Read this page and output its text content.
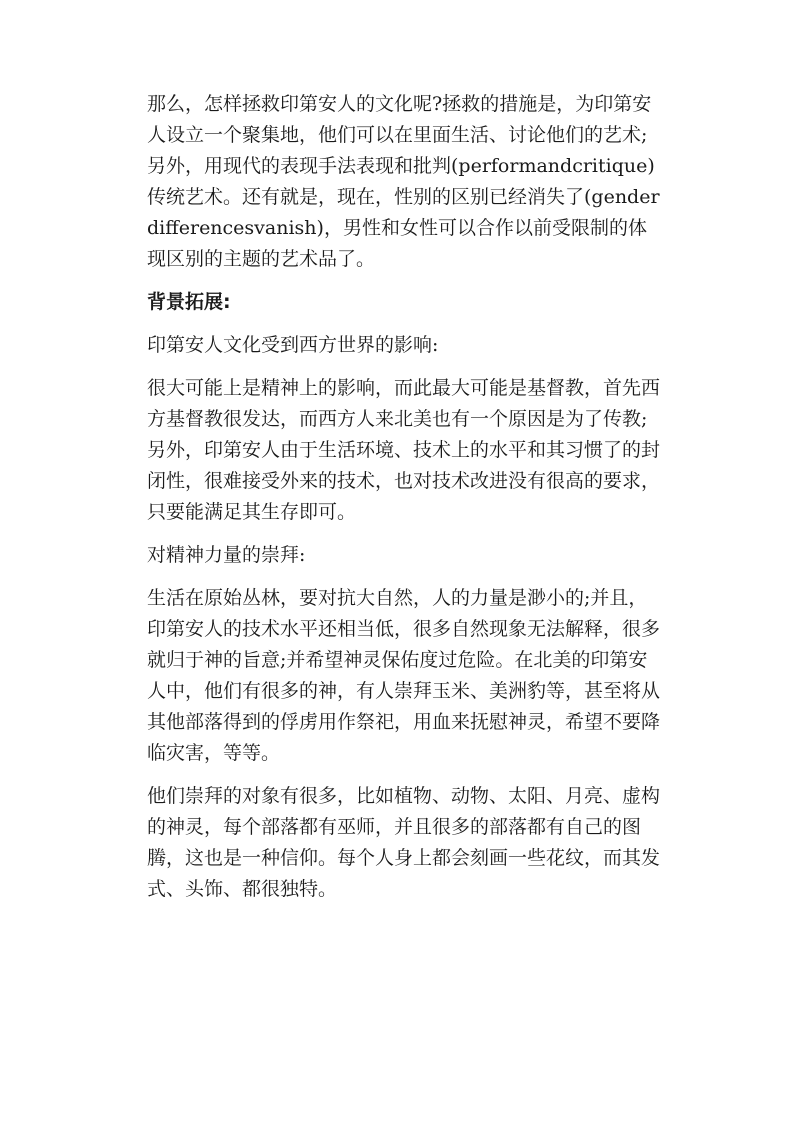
那么，怎样拯救印第安人的文化呢?拯救的措施是，为印第安人设立一个聚集地，他们可以在里面生活、讨论他们的艺术;另外，用现代的表现手法表现和批判(performandcritique)传统艺术。还有就是，现在，性别的区别已经消失了(genderdifferencesvanish)，男性和女性可以合作以前受限制的体现区别的主题的艺术品了。

背景拓展:

印第安人文化受到西方世界的影响:

很大可能上是精神上的影响，而此最大可能是基督教，首先西方基督教很发达，而西方人来北美也有一个原因是为了传教;另外，印第安人由于生活环境、技术上的水平和其习惯了的封闭性，很难接受外来的技术，也对技术改进没有很高的要求，只要能满足其生存即可。

对精神力量的崇拜:

生活在原始丛林，要对抗大自然，人的力量是渺小的;并且，印第安人的技术水平还相当低，很多自然现象无法解释，很多就归于神的旨意;并希望神灵保佑度过危险。在北美的印第安人中，他们有很多的神，有人崇拜玉米、美洲豹等，甚至将从其他部落得到的俘虏用作祭祀，用血来抚慰神灵，希望不要降临灾害，等等。

他们崇拜的对象有很多，比如植物、动物、太阳、月亮、虚构的神灵，每个部落都有巫师，并且很多的部落都有自己的图腾，这也是一种信仰。每个人身上都会刻画一些花纹，而其发式、头饰、都很独特。
